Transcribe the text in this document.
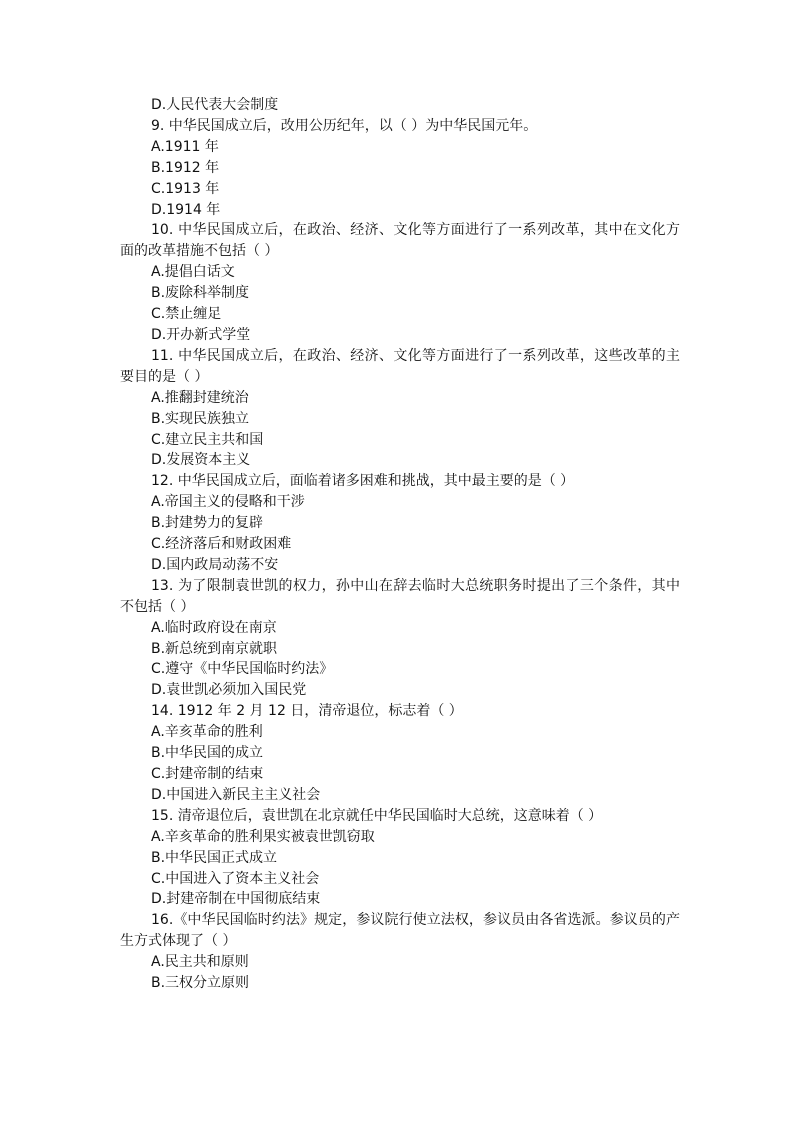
D.人民代表大会制度
9. 中华民国成立后，改用公历纪年，以（ ）为中华民国元年。
A.1911 年
B.1912 年
C.1913 年
D.1914 年
10. 中华民国成立后，在政治、经济、文化等方面进行了一系列改革，其中在文化方面的改革措施不包括（ ）
A.提倡白话文
B.废除科举制度
C.禁止缠足
D.开办新式学堂
11. 中华民国成立后，在政治、经济、文化等方面进行了一系列改革，这些改革的主要目的是（ ）
A.推翻封建统治
B.实现民族独立
C.建立民主共和国
D.发展资本主义
12. 中华民国成立后，面临着诸多困难和挑战，其中最主要的是（ ）
A.帝国主义的侵略和干涉
B.封建势力的复辟
C.经济落后和财政困难
D.国内政局动荡不安
13. 为了限制袁世凯的权力，孙中山在辞去临时大总统职务时提出了三个条件，其中不包括（ ）
A.临时政府设在南京
B.新总统到南京就职
C.遵守《中华民国临时约法》
D.袁世凯必须加入国民党
14. 1912 年 2 月 12 日，清帝退位，标志着（ ）
A.辛亥革命的胜利
B.中华民国的成立
C.封建帝制的结束
D.中国进入新民主主义社会
15. 清帝退位后，袁世凯在北京就任中华民国临时大总统，这意味着（ ）
A.辛亥革命的胜利果实被袁世凯窃取
B.中华民国正式成立
C.中国进入了资本主义社会
D.封建帝制在中国彻底结束
16.《中华民国临时约法》规定，参议院行使立法权，参议员由各省选派。参议员的产生方式体现了（ ）
A.民主共和原则
B.三权分立原则
